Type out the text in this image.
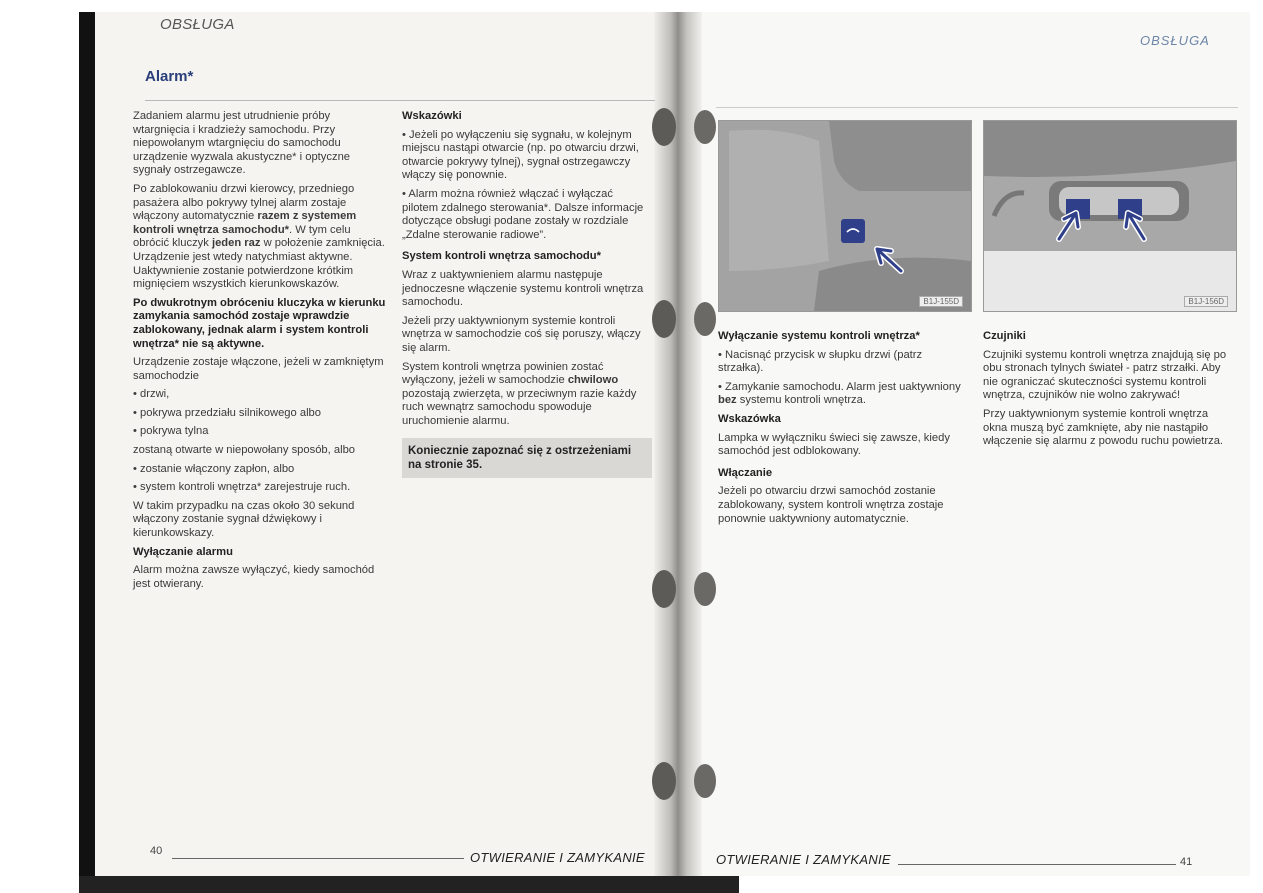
OBSŁUGA
Alarm*

Zadaniem alarmu jest utrudnienie próby wtargnięcia i kradzieży samochodu. Przy niepowołanym wtargnięciu do samochodu urządzenie wyzwala akustyczne* i optyczne sygnały ostrzegawcze.

Po zablokowaniu drzwi kierowcy, przedniego pasażera albo pokrywy tylnej alarm zostaje włączony automatycznie razem z systemem kontroli wnętrza samochodu*. W tym celu obrócić kluczyk jeden raz w położenie zamknięcia. Urządzenie jest wtedy natychmiast aktywne. Uaktywnienie zostanie potwierdzone krótkim mignięciem wszystkich kierunkowskazów.

Po dwukrotnym obróceniu kluczyka w kierunku zamykania samochód zostaje wprawdzie zablokowany, jednak alarm i system kontroli wnętrza* nie są aktywne.

Urządzenie zostaje włączone, jeżeli w zamkniętym samochodzie

• drzwi,

• pokrywa przedziału silnikowego albo

• pokrywa tylna

zostaną otwarte w niepowołany sposób, albo

• zostanie włączony zapłon, albo

• system kontroli wnętrza* zarejestruje ruch.

W takim przypadku na czas około 30 sekund włączony zostanie sygnał dźwiękowy i kierunkowskazy.

Wyłączanie alarmu

Alarm można zawsze wyłączyć, kiedy samochód jest otwierany.

Wskazówki

• Jeżeli po wyłączeniu się sygnału, w kolejnym miejscu nastąpi otwarcie (np. po otwarciu drzwi, otwarcie pokrywy tylnej), sygnał ostrzegawczy włączy się ponownie.

• Alarm można również włączać i wyłączać pilotem zdalnego sterowania*. Dalsze informacje dotyczące obsługi podane zostały w rozdziale „Zdalne sterowanie radiowe”.

System kontroli wnętrza samochodu*

Wraz z uaktywnieniem alarmu następuje jednoczesne włączenie systemu kontroli wnętrza samochodu.

Jeżeli przy uaktywnionym systemie kontroli wnętrza w samochodzie coś się poruszy, włączy się alarm.

System kontroli wnętrza powinien zostać wyłączony, jeżeli w samochodzie chwilowo pozostają zwierzęta, w przeciwnym razie każdy ruch wewnątrz samochodu spowoduje uruchomienie alarmu.

Koniecznie zapoznać się z ostrzeżeniami na stronie 35.
40	OTWIERANIE I ZAMYKANIE
OBSŁUGA
B1J-155D	B1J-156D

Wyłączanie systemu kontroli wnętrza*

• Nacisnąć przycisk w słupku drzwi (patrz strzałka).

• Zamykanie samochodu. Alarm jest uaktywniony bez systemu kontroli wnętrza.

Wskazówka

Lampka w wyłączniku świeci się zawsze, kiedy samochód jest odblokowany.

Włączanie

Jeżeli po otwarciu drzwi samochód zostanie zablokowany, system kontroli wnętrza zostaje ponownie uaktywniony automatycznie.

Czujniki

Czujniki systemu kontroli wnętrza znajdują się po obu stronach tylnych świateł - patrz strzałki. Aby nie ograniczać skuteczności systemu kontroli wnętrza, czujników nie wolno zakrywać!

Przy uaktywnionym systemie kontroli wnętrza okna muszą być zamknięte, aby nie nastąpiło włączenie się alarmu z powodu ruchu powietrza.

OTWIERANIE I ZAMYKANIE	41
